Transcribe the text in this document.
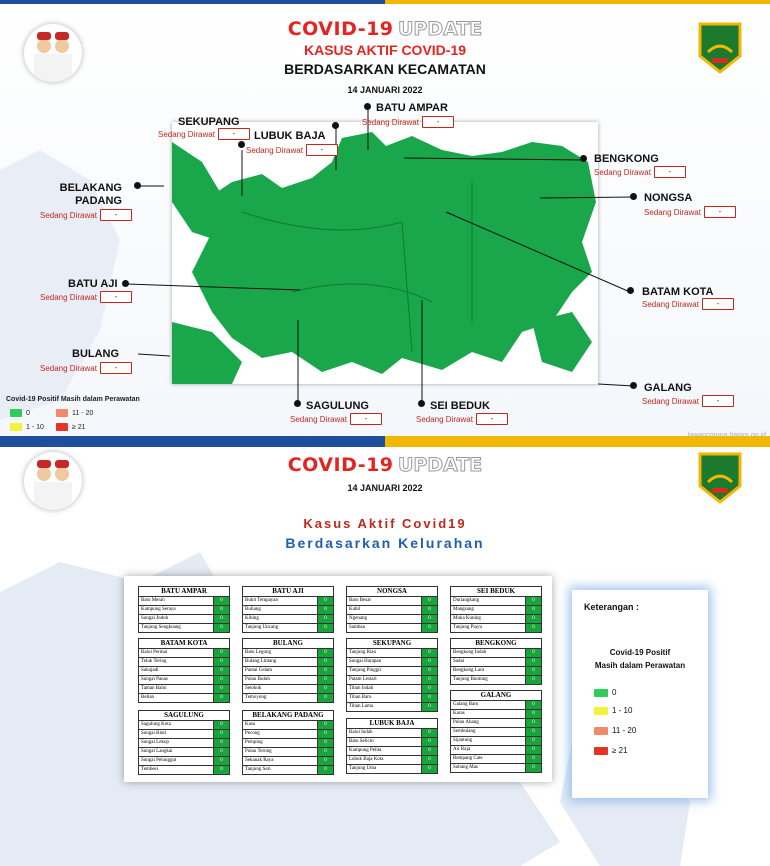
COVID-19 UPDATE
KASUS AKTIF COVID-19
BERDASARKAN KECAMATAN
14 JANUARI 2022
BATU AMPAR
Sedang Dirawat	-
SEKUPANG
Sedang Dirawat	-	LUBUK BAJA
Sedang Dirawat	-
BENGKONG
Sedang Dirawat	-
BELAKANG PADANG
Sedang Dirawat	-
NONGSA
Sedang Dirawat	-
BATU AJI
Sedang Dirawat	-	BATAM KOTA
Sedang Dirawat	-
BULANG
Sedang Dirawat	-
GALANG
Sedang Dirawat	-
SAGULUNG
Sedang Dirawat	-
SEI BEDUK
Sedang Dirawat	-
Covid-19 Positif Masih dalam Perawatan
0	11 - 20
1 - 10	≥ 21
COVID-19 UPDATE
14 JANUARI 2022
Kasus Aktif Covid19
Berdasarkan Kelurahan
BATU AMPAR
Batu Merah	0
Kampung Seraya	0
Sungai Jodoh	0
Tanjung Sengkuang	0
BATU AJI
Bukit Tempayan	0
Buliang	0
Kibing	0
Tanjung Uncang	0
NONGSA
Batu Besar	0
Kabil	0
Ngenang	0
Sambau	0
SEI BEDUK
Duriangkang	0
Mangsang	0
Muka Kuning	0
Tanjung Piayu	0
BATAM KOTA
Baloi Permai	0
Teluk Tering	0
Sukajadi	0
Sungai Panas	0
Taman Baloi	0
Belian	0
BULANG
Batu Legong	0
Bulang Lintang	0
Pantai Gelam	0
Pulau Buluh	0
Setokok	0
Temoyong	0
SEKUPANG
Tanjung Riau	0
Sungai Harapan	0
Tanjung Pinggir	0
Patam Lestari	0
Tiban Indah	0
Tiban Baru	0
Tiban Lama	0
BENGKONG
Bengkong Indah	0
Sadai	0
Bengkong Laut	0
Tanjung Buntung	0
GALANG
Galang Baru	0
Karas	0
Pulau Abang	0
Sembulang	0
Sijantung	0
Air Raja	0
Rempang Cate	0
Subang Mas	0
SAGULUNG
Sagulung Kota	0
Sungai Binti	0
Sungai Lekop	0
Sungai Langkai	0
Sungai Pelunggut	0
Tembesi	0
BELAKANG PADANG
Kasu	0
Pecong	0
Pemping	0
Pulau Terong	0
Sekanak Raya	0
Tanjung Sari	0
LUBUK BAJA
Baloi Indah	0
Batu Selicin	0
Kampung Pelita	0
Lubuk Baja Kota	0
Tanjung Uma	0
Keterangan :
Covid-19 Positif
Masih dalam Perawatan
0
1 - 10
11 - 20
≥ 21
